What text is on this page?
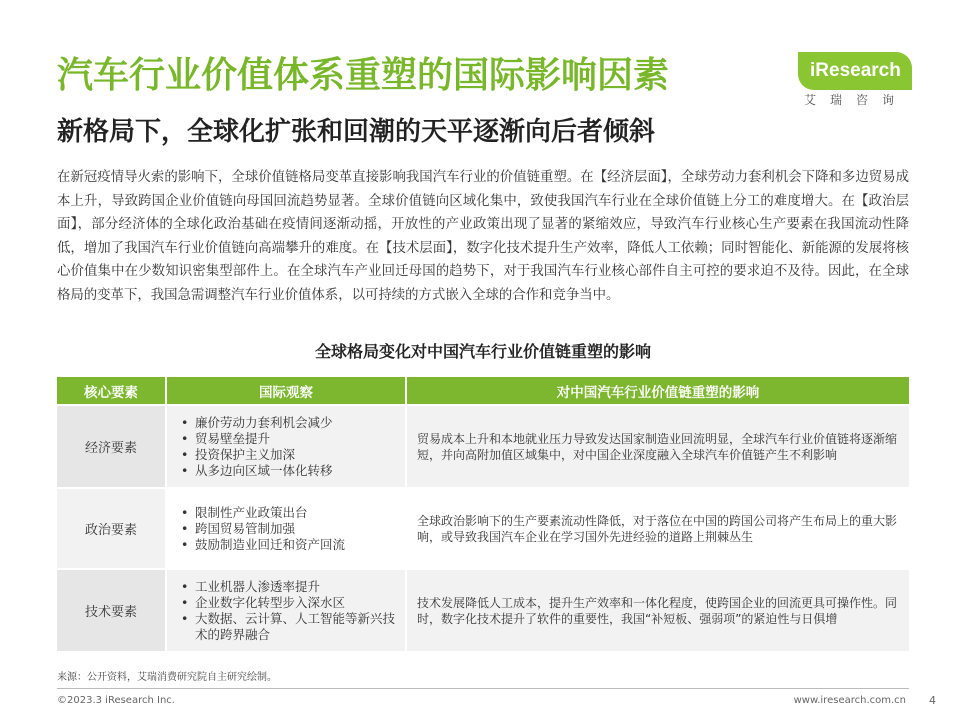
汽车行业价值体系重塑的国际影响因素
新格局下，全球化扩张和回潮的天平逐渐向后者倾斜
iResearch
艾瑞咨询

在新冠疫情导火索的影响下，全球价值链格局变革直接影响我国汽车行业的价值链重塑。在【经济层面】，全球劳动力套利机会下降和多边贸易成本上升，导致跨国企业价值链向母国回流趋势显著。全球价值链向区域化集中，致使我国汽车行业在全球价值链上分工的难度增大。在【政治层面】，部分经济体的全球化政治基础在疫情间逐渐动摇，开放性的产业政策出现了显著的紧缩效应，导致汽车行业核心生产要素在我国流动性降低，增加了我国汽车行业价值链向高端攀升的难度。在【技术层面】，数字化技术提升生产效率，降低人工依赖；同时智能化、新能源的发展将核心价值集中在少数知识密集型部件上。在全球汽车产业回迁母国的趋势下，对于我国汽车行业核心部件自主可控的要求迫不及待。因此，在全球格局的变革下，我国急需调整汽车行业价值体系，以可持续的方式嵌入全球的合作和竞争当中。

全球格局变化对中国汽车行业价值链重塑的影响
核心要素	国际观察	对中国汽车行业价值链重塑的影响
经济要素
• 廉价劳动力套利机会减少
• 贸易壁垒提升
• 投资保护主义加深
• 从多边向区域一体化转移
贸易成本上升和本地就业压力导致发达国家制造业回流明显，全球汽车行业价值链将逐渐缩短，并向高附加值区域集中，对中国企业深度融入全球汽车价值链产生不利影响
政治要素
• 限制性产业政策出台
• 跨国贸易管制加强
• 鼓励制造业回迁和资产回流
全球政治影响下的生产要素流动性降低，对于落位在中国的跨国公司将产生布局上的重大影响，或导致我国汽车企业在学习国外先进经验的道路上荆棘丛生
技术要素
• 工业机器人渗透率提升
• 企业数字化转型步入深水区
• 大数据、云计算、人工智能等新兴技术的跨界融合
技术发展降低人工成本，提升生产效率和一体化程度，使跨国企业的回流更具可操作性。同时，数字化技术提升了软件的重要性，我国“补短板、强弱项”的紧迫性与日俱增
来源：公开资料，艾瑞消费研究院自主研究绘制。
©2023.3 iResearch Inc.	www.iresearch.com.cn 4
